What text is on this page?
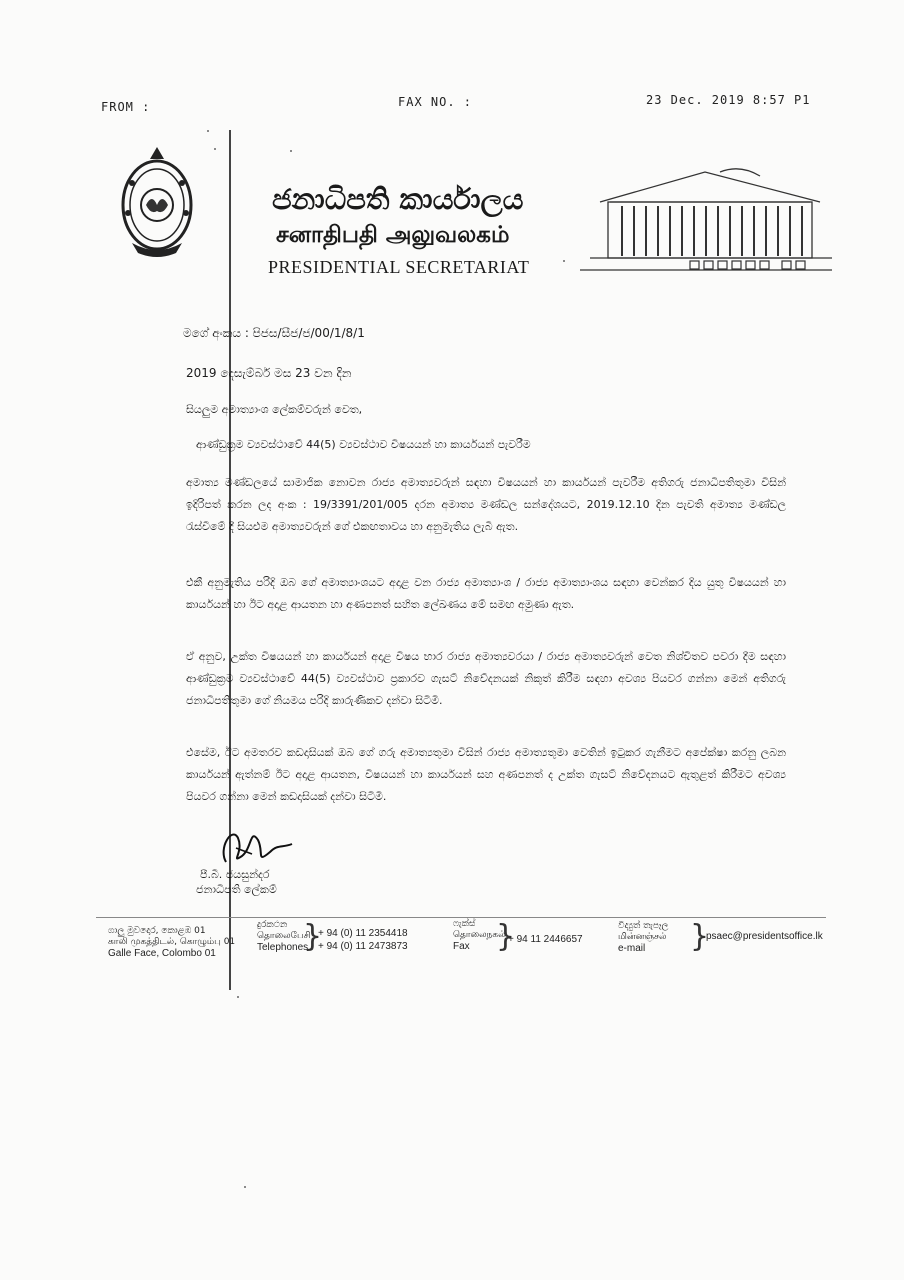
FROM :	FAX NO. :	23 Dec. 2019 8:57 P1
ජනාධිපති කාර්යාලය
சனாதிபதி அலுவலகம்
PRESIDENTIAL SECRETARIAT
මගේ අංකය : පිජස/සීජ/ජ/00/1/8/1
2019 දෙසැම්බර් මස 23 වන දින
සියලුම අමාත්‍යාංශ ලේකම්වරුන් වෙත,
ආණ්ඩුක්‍රම ව්‍යවස්ථාවේ 44(5) ව්‍යවස්ථාව විෂයයන් හා කාර්යයන් පැවරීම
අමාත්‍ය මණ්ඩලයේ සාමාජික නොවන රාජ්‍ය අමාත්‍යවරුන් සඳහා විෂයයන් හා කාර්යයන් පැවරීම අතිගරු ජනාධිපතිතුමා විසින් ඉදිරිපත් කරන ලද අංක : 19/3391/201/005 දරන අමාත්‍ය මණ්ඩල සන්දේශයට, 2019.12.10 දින පැවති අමාත්‍ය මණ්ඩල රැස්වීමේ දී සියළුම අමාත්‍යවරුන් ගේ එකඟතාවය හා අනුමැතිය ලැබී ඇත.
එකී අනුමැතිය පරිදි ඔබ ගේ අමාත්‍යාංශයට අදාළ වන රාජ්‍ය අමාත්‍යාංශ / රාජ්‍ය අමාත්‍යාංශය සඳහා වෙන්කර දිය යුතු විෂයයන් හා කාර්යයන් හා ඊට අදාළ ආයතන හා අණපනත් සහිත ලේඛණය මේ සමඟ අමුණා ඇත.
ඒ අනුව, උක්ත විෂයයන් හා කාර්යයන් අදාළ විෂය භාර රාජ්‍ය අමාත්‍යවරයා / රාජ්‍ය අමාත්‍යවරුන් වෙත නිශ්චිතව පවරා දීම සඳහා ආණ්ඩුක්‍රම ව්‍යවස්ථාවේ 44(5) ව්‍යවස්ථාව ප්‍රකාරව ගැසට් නිවේදනයක් නිකුත් කිරීම සඳහා අවශ්‍ය පියවර ගන්නා මෙන් අතිගරු ජනාධිපතිතුමා ගේ නියමය පරිදි කාරුණිකව දන්වා සිටිමි.
එසේම, ඊට අමතරව කඩදාසියක් ඔබ ගේ ගරු අමාත්‍යතුමා විසින් රාජ්‍ය අමාත්‍යතුමා වෙතින් ඉටුකර ගැනීමට අපේක්ෂා කරනු ලබන කාර්යයන් ඇත්නම් ඊට අදාළ ආයතන, විෂයයන් හා කාර්යයන් සහ අණපනත් ද උක්ත ගැසට් නිවේදනයට ඇතුළත් කිරීමට අවශ්‍ය පියවර ගන්නා මෙන් කඩදාසියක් දන්වා සිටිමි.
පී.බී. ජයසුන්දර
ජනාධිපති ලේකම්
ගාලු මුවදොර, කොළඹ 01
காலி முகத்திடல், கொழும்பு 01
Galle Face, Colombo 01
දුරකථන
தொலைபேசி
Telephones
}
+ 94 (0) 11 2354418
+ 94 (0) 11 2473873
ෆැක්ස්
தொலைநகல்
Fax }
+ 94 11 2446657
විද්‍යුත් තැපෑල
மின்னஞ்சல்
e-mail	}
psaec@presidentsoffice.lk
